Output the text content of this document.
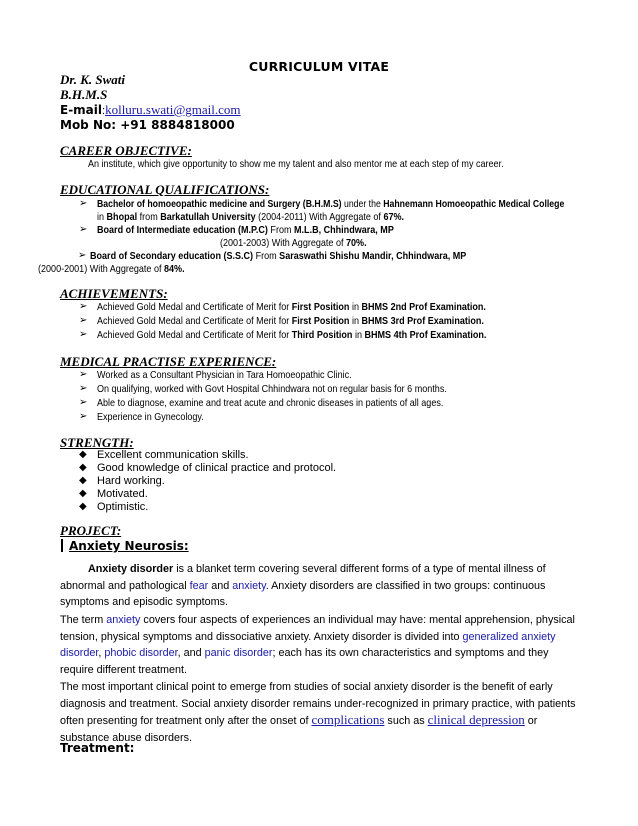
CURRICULUM VITAE
Dr. K. Swati
B.H.M.S
E-mail:kolluru.swati@gmail.com
Mob No: +91 8884818000
CAREER OBJECTIVE:
An institute, which give opportunity to show me my talent and also mentor me at each step of my career.
EDUCATIONAL QUALIFICATIONS:
➢ Bachelor of homoeopathic medicine and Surgery (B.H.M.S) under the Hahnemann Homoeopathic Medical College
in Bhopal from Barkatullah University (2004-2011) With Aggregate of 67%.
➢ Board of Intermediate education (M.P.C) From M.L.B, Chhindwara, MP
(2001-2003) With Aggregate of 70%.
➢ Board of Secondary education (S.S.C) From Saraswathi Shishu Mandir, Chhindwara, MP
(2000-2001) With Aggregate of 84%.
ACHIEVEMENTS:
➢ Achieved Gold Medal and Certificate of Merit for First Position in BHMS 2nd Prof Examination.
➢ Achieved Gold Medal and Certificate of Merit for First Position in BHMS 3rd Prof Examination.
➢ Achieved Gold Medal and Certificate of Merit for Third Position in BHMS 4th Prof Examination.
MEDICAL PRACTISE EXPERIENCE:
➢ Worked as a Consultant Physician in Tara Homoeopathic Clinic.
➢ On qualifying, worked with Govt Hospital Chhindwara not on regular basis for 6 months.
➢ Able to diagnose, examine and treat acute and chronic diseases in patients of all ages.
➢ Experience in Gynecology.
STRENGTH:
◆ Excellent communication skills.
◆ Good knowledge of clinical practice and protocol.
◆ Hard working.
◆ Motivated.
◆ Optimistic.
PROJECT:
Anxiety Neurosis:
Anxiety disorder is a blanket term covering several different forms of a type of mental illness of abnormal and pathological fear and anxiety. Anxiety disorders are classified in two groups: continuous symptoms and episodic symptoms.
The term anxiety covers four aspects of experiences an individual may have: mental apprehension, physical tension, physical symptoms and dissociative anxiety. Anxiety disorder is divided into generalized anxiety disorder, phobic disorder, and panic disorder; each has its own characteristics and symptoms and they require different treatment.
The most important clinical point to emerge from studies of social anxiety disorder is the benefit of early diagnosis and treatment. Social anxiety disorder remains under-recognized in primary practice, with patients often presenting for treatment only after the onset of complications such as clinical depression or substance abuse disorders.
Treatment:
